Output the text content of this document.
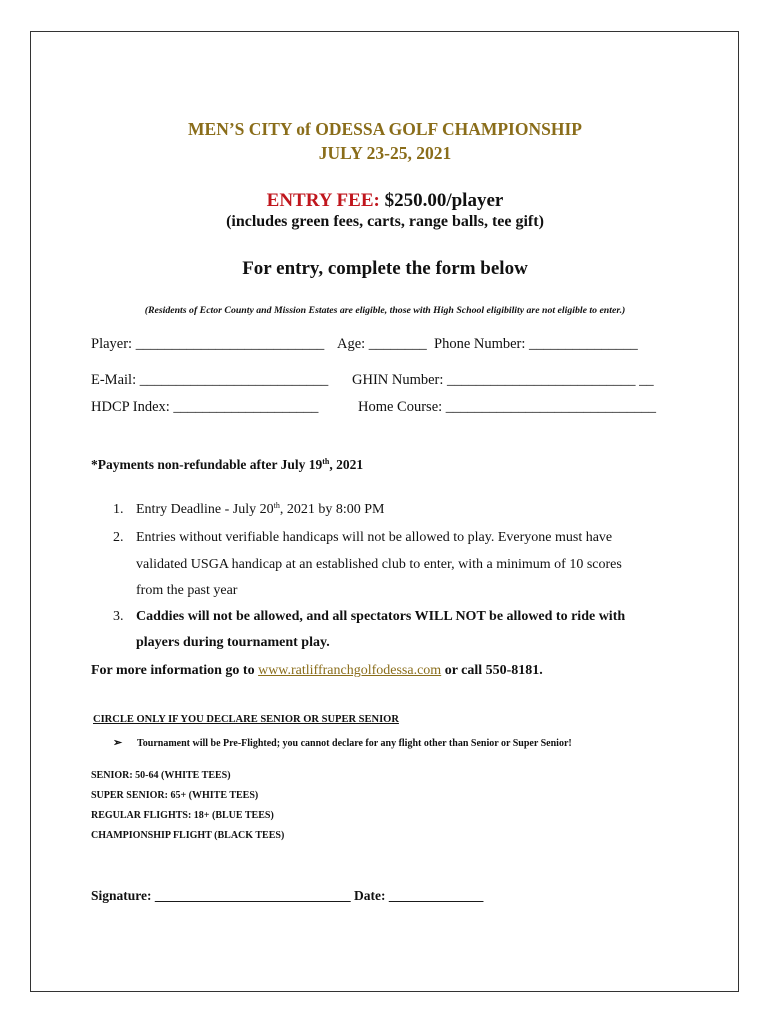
MEN’S CITY of ODESSA GOLF CHAMPIONSHIP
JULY 23-25, 2021
ENTRY FEE: $250.00/player
(includes green fees, carts, range balls, tee gift)
For entry, complete the form below
(Residents of Ector County and Mission Estates are eligible, those with High School eligibility are not eligible to enter.)
Player: __________________________ Age: ________ Phone Number: _______________
E-Mail: __________________________ GHIN Number: __________________________ __
HDCP Index: ____________________	Home Course: _____________________________
*Payments non-refundable after July 19th, 2021
1. Entry Deadline - July 20th, 2021 by 8:00 PM
2. Entries without verifiable handicaps will not be allowed to play. Everyone must have
validated USGA handicap at an established club to enter, with a minimum of 10 scores
from the past year
3. Caddies will not be allowed, and all spectators WILL NOT be allowed to ride with
players during tournament play.
For more information go to www.ratliffranchgolfodessa.com or call 550-8181.
CIRCLE ONLY IF YOU DECLARE SENIOR OR SUPER SENIOR
➢ Tournament will be Pre-Flighted; you cannot declare for any flight other than Senior or Super Senior!
SENIOR: 50-64 (WHITE TEES)
SUPER SENIOR: 65+ (WHITE TEES)
REGULAR FLIGHTS: 18+ (BLUE TEES)
CHAMPIONSHIP FLIGHT (BLACK TEES)
Signature: _____________________________ Date: ______________
